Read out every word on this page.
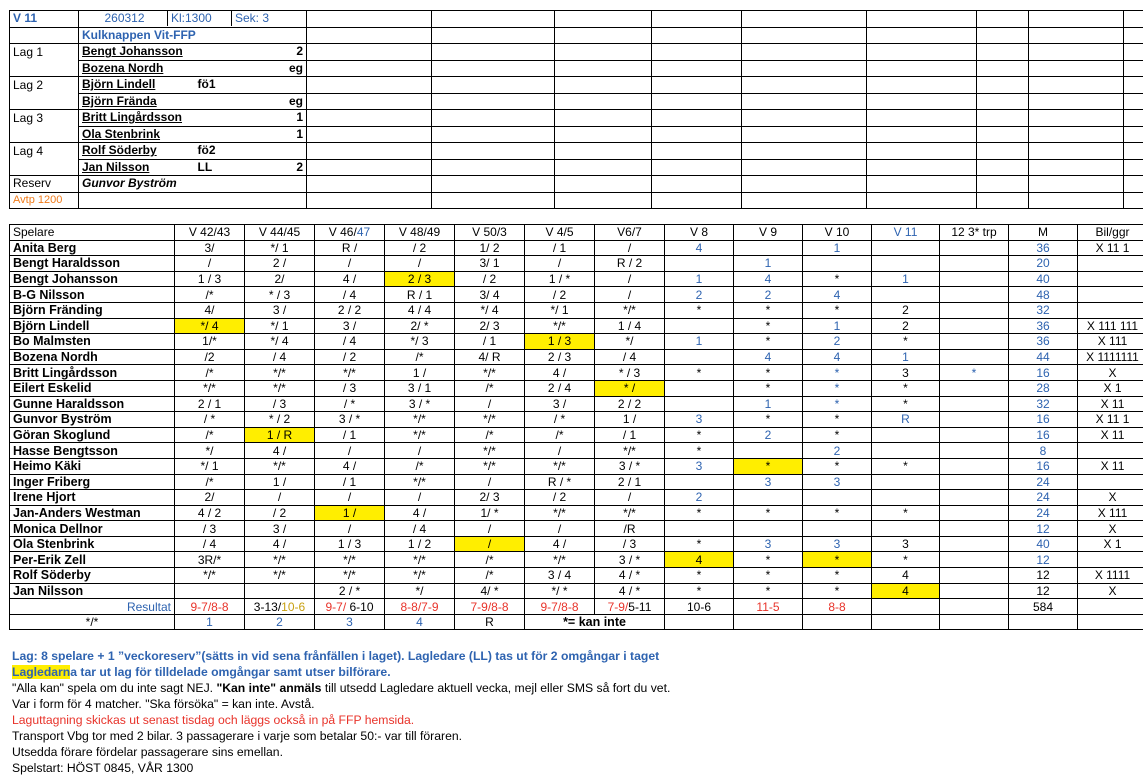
V 11	260312 Kl:1300 Sek: 3									
	Kulknappen Vit-FFP									
Lag 1	Bengt Johansson 2									

	Bozena Nordh eg									

Lag 2	Björn Lindell fö1									

	Björn Frända eg									

Lag 3	Britt Lingårdsson 1									

	Ola Stenbrink 1									

Lag 4	Rolf Söderby fö2									

	Jan Nilsson LL 2									

Reserv	Gunvor Byström									
Avtp 1200										
Spelare	V 42/43	V 44/45	V 46/47	V 48/49	V 50/3	V 4/5	V6/7	V 8	V 9	V 10	V 11	12 3* trp	M	Bil/ggr
Anita Berg	3/	*/ 1	R /	/ 2	1/ 2	/ 1	/	4		1			36	X 11 1
Bengt Haraldsson	/	2 /	/	/	3/ 1	/	R / 2		1				20	
Bengt Johansson	1 / 3	2/	4 /	2 / 3	/ 2	1 / *	/	1	4	*	1		40	
B-G Nilsson	/*	* / 3	/ 4	R / 1	3/ 4	/ 2	/	2	2	4			48	
Björn Fränding	4/	3 /	2 / 2	4 / 4	*/ 4	*/ 1	*/*	*	*	*	2		32	
Björn Lindell	*/ 4	*/ 1	3 /	2/ *	2/ 3	*/*	1 / 4		*	1	2		36	X 111 111
Bo Malmsten	1/*	*/ 4	/ 4	*/ 3	/ 1	1 / 3	*/	1	*	2	*		36	X 111
Bozena Nordh	/2	/ 4	/ 2	/*	4/ R	2 / 3	/ 4		4	4	1		44	X 1111111
Britt Lingårdsson	/*	*/*	*/*	1 /	*/*	4 /	* / 3	*	*	*	3	*	16	X
Eilert Eskelid	*/*	*/*	/ 3	3 / 1	/*	2 / 4	* /		*	*	*		28	X 1
Gunne Haraldsson	2 / 1	/ 3	/ *	3 / *	/	3 /	2 / 2		1	*	*		32	X 11
Gunvor Byström	/ *	* / 2	3 / *	*/*	*/*	/ *	1 /	3	*	*	R		16	X 11 1
Göran Skoglund	/*	1 / R	/ 1	*/*	/*	/*	/ 1	*	2	*			16	X 11
Hasse Bengtsson	*/	4 /	/	/	*/*	/	*/*	*		2			8	
Heimo Käki	*/ 1	*/*	4 /	/*	*/*	*/*	3 / *	3	*	*	*		16	X 11
Inger Friberg	/*	1 /	/ 1	*/*	/	R / *	2 / 1		3	3			24	
Irene Hjort	2/	/	/	/	2/ 3	/ 2	/	2					24	X
Jan-Anders Westman	4 / 2	/ 2	1 /	4 /	1/ *	*/*	*/*	*	*	*	*		24	X 111
Monica Dellnor	/ 3	3 /	/	/ 4	/	/	/R						12	X
Ola Stenbrink	/ 4	4 /	1 / 3	1 / 2	/	4 /	/ 3	*	3	3	3		40	X 1
Per-Erik Zell	3R/*	*/*	*/*	*/*	/*	*/*	3 / *	4	*	*	*		12	
Rolf Söderby	*/*	*/*	*/*	*/*	/*	3 / 4	4 / *	*	*	*	4		12	X 1111
Jan Nilsson			2 / *	*/	4/ *	*/ *	4 / *	*	*	*	4		12	X
Resultat	9-7/8-8	3-13/10-6	9-7/ 6-10	8-8/7-9	7-9/8-8	9-7/8-8	7-9/5-11	10-6	11-5	8-8			584	
*/*	1	2	3	4	R	*= kan inte								
Lag: 8 spelare + 1 ”veckoreserv”(sätts in vid sena frånfällen i laget). Lagledare (LL) tas ut för 2 omgångar i taget
Lagledarna tar ut lag för tilldelade omgångar samt utser bilförare.
"Alla kan" spela om du inte sagt NEJ. "Kan inte" anmäls till utsedd Lagledare aktuell vecka, mejl eller SMS så fort du vet.
Var i form för 4 matcher. "Ska försöka" = kan inte. Avstå.
Laguttagning skickas ut senast tisdag och läggs också in på FFP hemsida.
Transport Vbg tor med 2 bilar. 3 passagerare i varje som betalar 50:- var till föraren.
Utsedda förare fördelar passagerare sins emellan.
Spelstart: HÖST 0845, VÅR 1300
